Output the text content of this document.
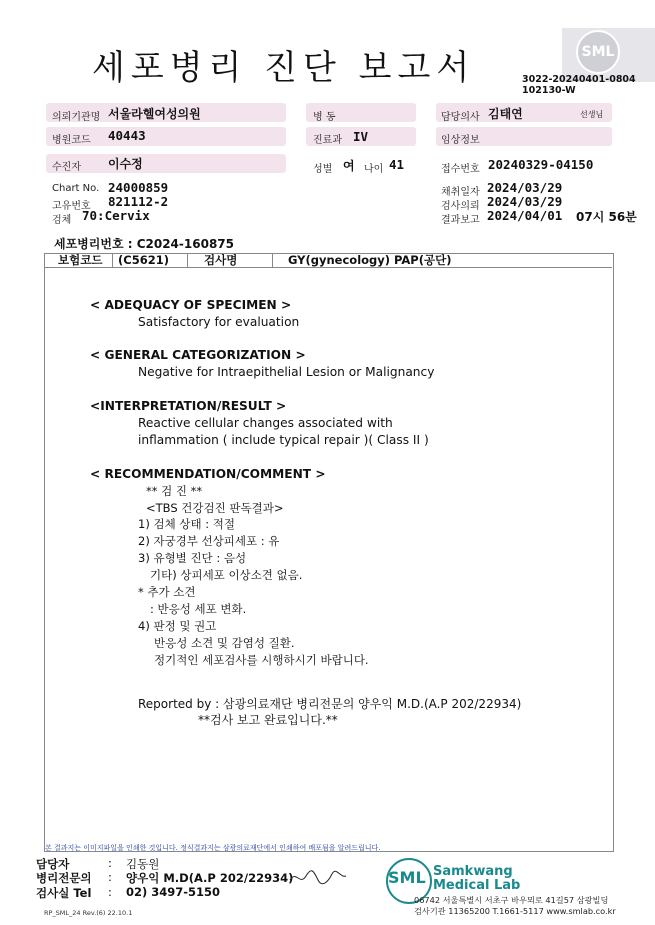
세포병리 진단 보고서	SML
3022-20240401-0804
102130-W
의뢰기관명 서울라헬여성의원	병 동	담당의사 김태연	선생님
병원코드 40443	진료과 IV	임상정보
수진자 이수정	성별 여 나이 41	접수번호 20240329-04150
Chart No. 24000859
고유번호 821112-2
검체 70:Cervix
채취일자 2024/03/29
검사의뢰 2024/03/29
결과보고 2024/04/01 07시 56분
세포병리번호 : C2024-160875
보험코드 (C5621)	검사명	GY(gynecology) PAP(공단)
< ADEQUACY OF SPECIMEN >
Satisfactory for evaluation
< GENERAL CATEGORIZATION >
Negative for Intraepithelial Lesion or Malignancy
<INTERPRETATION/RESULT >
Reactive cellular changes associated with
inflammation ( include typical repair )( Class II )
< RECOMMENDATION/COMMENT >
** 검 진 **
<TBS 건강검진 판독결과>
1) 검체 상태 : 적절
2) 자궁경부 선상피세포 : 유
3) 유형별 진단 : 음성
기타) 상피세포 이상소견 없음.
* 추가 소견
: 반응성 세포 변화.
4) 판정 및 권고
반응성 소견 및 감염성 질환.
정기적인 세포검사를 시행하시기 바랍니다.
Reported by : 삼광의료재단 병리전문의 양우익 M.D.(A.P 202/22934)
**검사 보고 완료입니다.**
본 결과지는 이미지파일을 인쇄한 것입니다. 정식결과지는 삼광의료재단에서 인쇄하여 배포됨을 알려드립니다.
담당자	: 김동원
병리전문의 : 양우익 M.D(A.P 202/22934)
검사실 Tel : 02) 3497-5150
SML Samkwang
Medical Lab
06742 서울특별시 서초구 바우뫼로 41길57 삼광빌딩
검사기관 11365200 T.1661-5117 www.smlab.co.kr
RP_SML_24 Rev.(6) 22.10.1
